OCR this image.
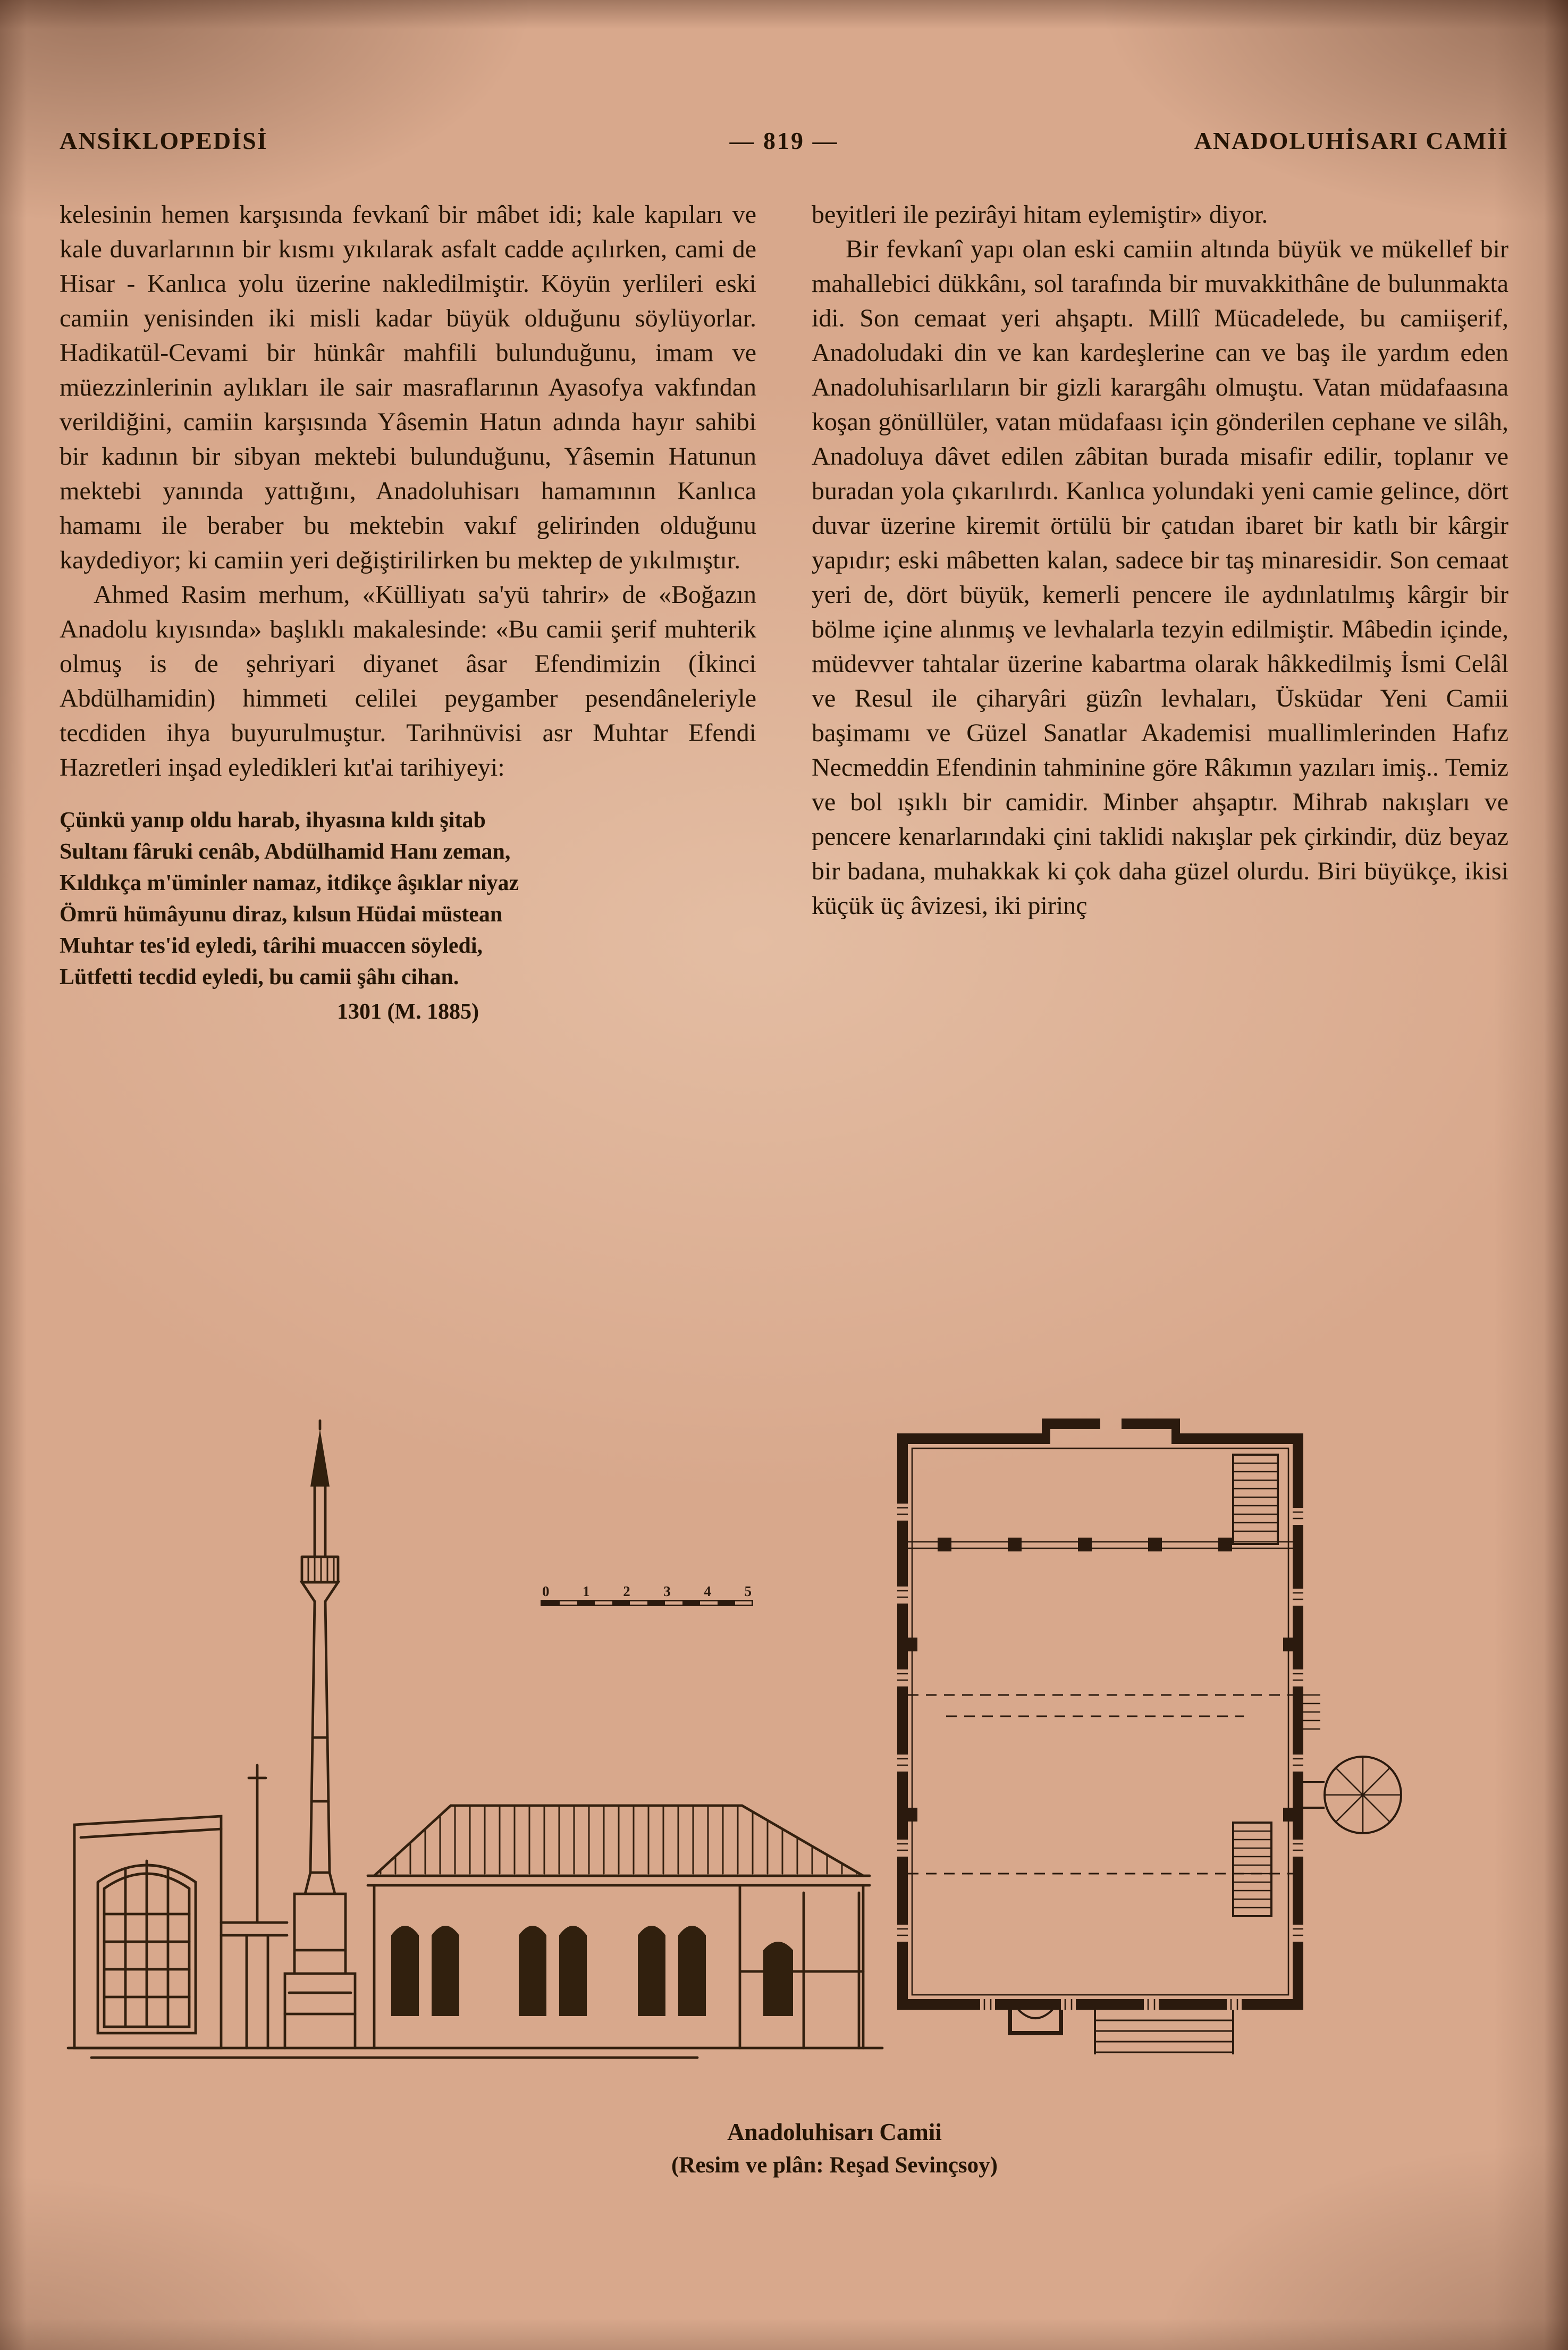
ANSİKLOPEDİSİ	— 819 —	ANADOLUHİSARI CAMİİ

kelesinin hemen karşısında fevkanî bir mâbet idi; kale kapıları ve kale duvarlarının bir kısmı yıkılarak asfalt cadde açılırken, cami de Hisar - Kanlıca yolu üzerine nakledilmiştir. Köyün yerlileri eski camiin yenisinden iki misli kadar büyük olduğunu söylüyorlar. Hadikatül-Cevami bir hünkâr mahfili bulunduğunu, imam ve müezzinlerinin aylıkları ile sair masraflarının Ayasofya vakfından verildiğini, camiin karşısında Yâsemin Hatun adında hayır sahibi bir kadının bir sibyan mektebi bulunduğunu, Yâsemin Hatunun mektebi yanında yattığını, Anadoluhisarı hamamının Kanlıca hamamı ile beraber bu mektebin vakıf gelirinden olduğunu kaydediyor; ki camiin yeri değiştirilirken bu mektep de yıkılmıştır.

Ahmed Rasim merhum, «Külliyatı sa'yü tahrir» de «Boğazın Anadolu kıyısında» başlıklı makalesinde: «Bu camii şerif muhterik olmuş is de şehriyari diyanet âsar Efendimizin (İkinci Abdülhamidin) himmeti celilei peygamber pesendâneleriyle tecdiden ihya buyurulmuştur. Tarihnüvisi asr Muhtar Efendi Hazretleri inşad eyledikleri kıt'ai tarihiyeyi:

Çünkü yanıp oldu harab, ihyasına kıldı şitab
Sultanı fâruki cenâb, Abdülhamid Hanı zeman,
Kıldıkça m'üminler namaz, itdikçe âşıklar niyaz
Ömrü hümâyunu diraz, kılsun Hüdai müstean
Muhtar tes'id eyledi, târihi muaccen söyledi,
Lütfetti tecdid eyledi, bu camii şâhı cihan.
1301 (M. 1885)

beyitleri ile pezirâyi hitam eylemiştir» diyor.

Bir fevkanî yapı olan eski camiin altında büyük ve mükellef bir mahallebici dükkânı, sol tarafında bir muvakkithâne de bulunmakta idi. Son cemaat yeri ahşaptı. Millî Mücadelede, bu camiişerif, Anadoludaki din ve kan kardeşlerine can ve baş ile yardım eden Anadoluhisarlıların bir gizli karargâhı olmuştu. Vatan müdafaasına koşan gönüllüler, vatan müdafaası için gönderilen cephane ve silâh, Anadoluya dâvet edilen zâbitan burada misafir edilir, toplanır ve buradan yola çıkarılırdı. Kanlıca yolundaki yeni camie gelince, dört duvar üzerine kiremit örtülü bir çatıdan ibaret bir katlı bir kârgir yapıdır; eski mâbetten kalan, sadece bir taş minaresidir. Son cemaat yeri de, dört büyük, kemerli pencere ile aydınlatılmış kârgir bir bölme içine alınmış ve levhalarla tezyin edilmiştir. Mâbedin içinde, müdevver tahtalar üzerine kabartma olarak hâkkedilmiş İsmi Celâl ve Resul ile çiharyâri güzîn levhaları, Üsküdar Yeni Camii başimamı ve Güzel Sanatlar Akademisi muallimlerinden Hafız Necmeddin Efendinin tahminine göre Râkımın yazıları imiş.. Temiz ve bol ışıklı bir camidir. Minber ahşaptır. Mihrab nakışları ve pencere kenarlarındaki çini taklidi nakışlar pek çirkindir, düz beyaz bir badana, muhakkak ki çok daha güzel olurdu. Biri büyükçe, ikisi küçük üç âvizesi, iki pirinç

0 1 2 3 4 5
Anadoluhisarı Camii
(Resim ve plân: Reşad Sevinçsoy)
